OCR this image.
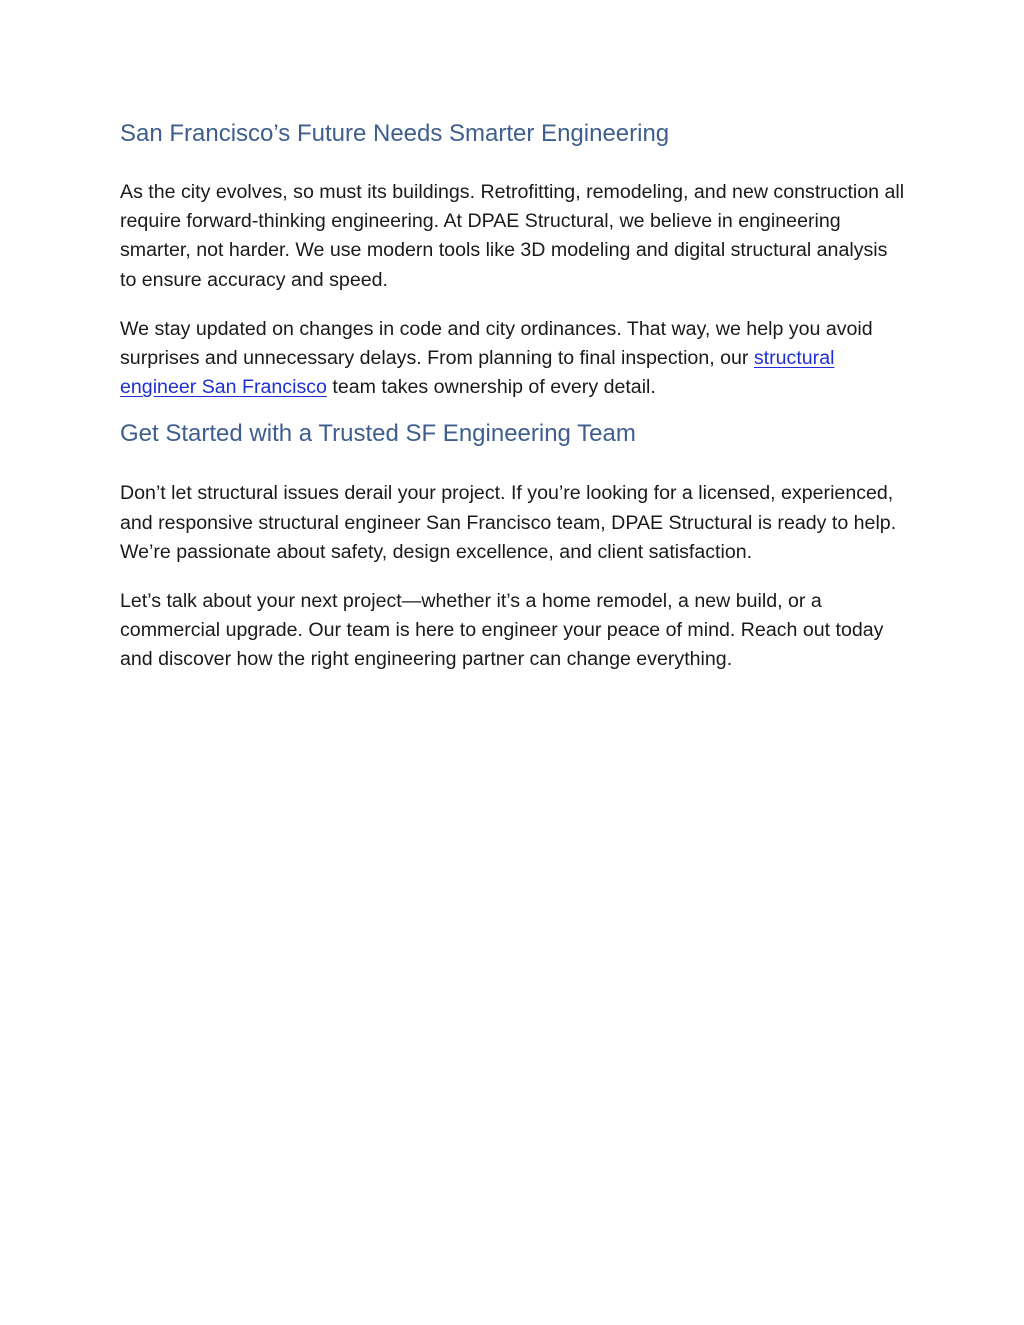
San Francisco’s Future Needs Smarter Engineering

As the city evolves, so must its buildings. Retrofitting, remodeling, and new construction all require forward-thinking engineering. At DPAE Structural, we believe in engineering smarter, not harder. We use modern tools like 3D modeling and digital structural analysis to ensure accuracy and speed.

We stay updated on changes in code and city ordinances. That way, we help you avoid surprises and unnecessary delays. From planning to final inspection, our structural engineer San Francisco team takes ownership of every detail.

Get Started with a Trusted SF Engineering Team

Don’t let structural issues derail your project. If you’re looking for a licensed, experienced, and responsive structural engineer San Francisco team, DPAE Structural is ready to help. We’re passionate about safety, design excellence, and client satisfaction.

Let’s talk about your next project—whether it’s a home remodel, a new build, or a commercial upgrade. Our team is here to engineer your peace of mind. Reach out today and discover how the right engineering partner can change everything.
